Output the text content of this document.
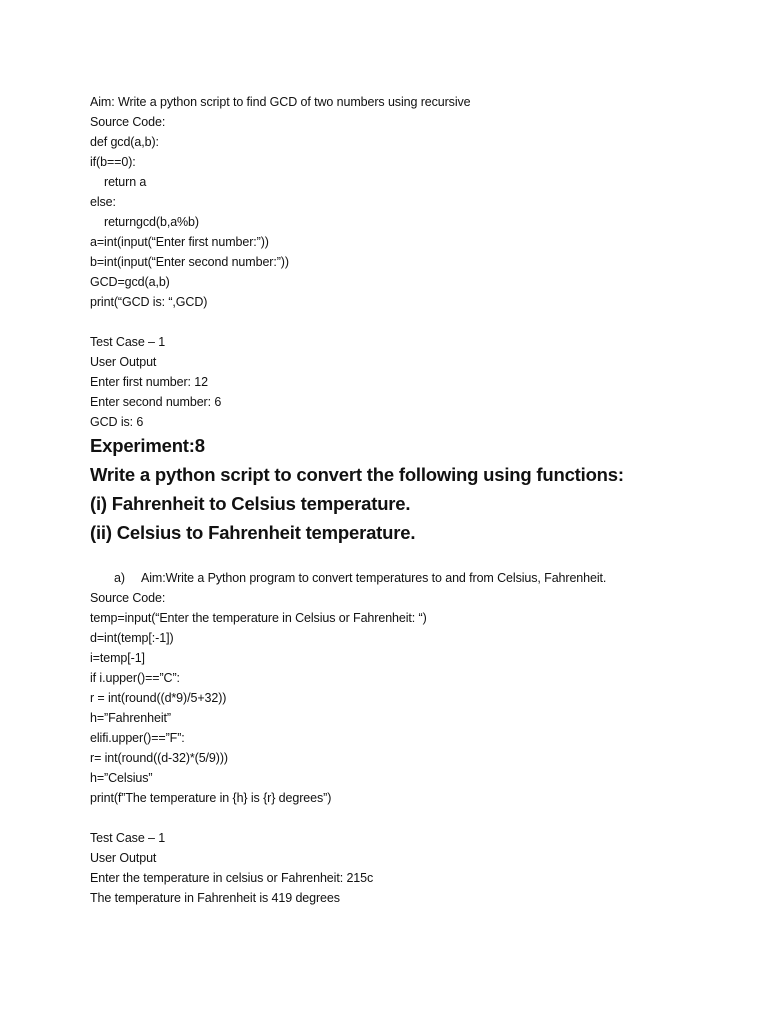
Aim: Write a python script to find GCD of two numbers using recursive
Source Code:
def gcd(a,b):
if(b==0):
return a
else:
returngcd(b,a%b)
a=int(input(“Enter first number:”))
b=int(input(“Enter second number:”))
GCD=gcd(a,b)
print(“GCD is: “,GCD)
Test Case – 1
User Output
Enter first number: 12
Enter second number: 6
GCD is: 6
Experiment:8
Write a python script to convert the following using functions:
(i) Fahrenheit to Celsius temperature.
(ii) Celsius to Fahrenheit temperature.
a) Aim:Write a Python program to convert temperatures to and from Celsius, Fahrenheit.
Source Code:
temp=input(“Enter the temperature in Celsius or Fahrenheit: “)
d=int(temp[:-1])
i=temp[-1]
if i.upper()==”C”:
r = int(round((d*9)/5+32))
h=”Fahrenheit”
elifi.upper()==”F”:
r= int(round((d-32)*(5/9)))
h=”Celsius”
print(f”The temperature in {h} is {r} degrees”)
Test Case – 1
User Output
Enter the temperature in celsius or Fahrenheit: 215c
The temperature in Fahrenheit is 419 degrees
